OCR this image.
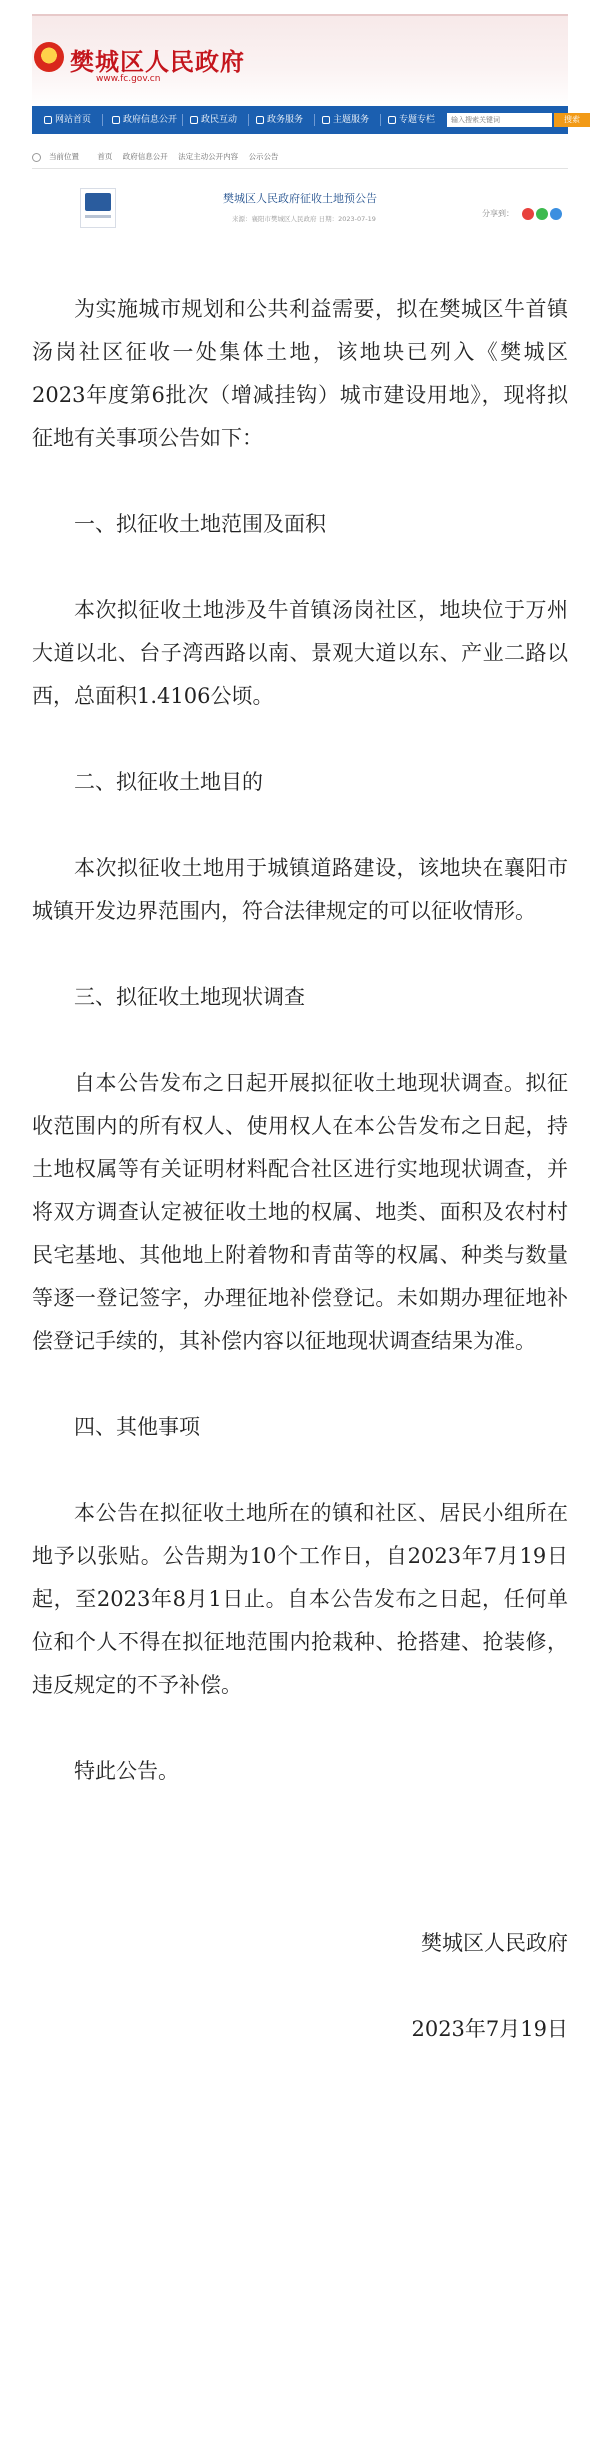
樊城区人民政府
www.fc.gov.cn
网站首页	政府信息公开	政民互动	政务服务	主题服务	专题专栏
输入搜索关键词	搜索
当前位置 首页 政府信息公开 法定主动公开内容 公示公告
樊城区人民政府征收土地预公告
来源：襄阳市樊城区人民政府 日期：2023-07-19
分享到：

为实施城市规划和公共利益需要，拟在樊城区牛首镇汤岗社区征收一处集体土地，该地块已列入《樊城区2023年度第6批次（增减挂钩）城市建设用地》，现将拟征地有关事项公告如下：

一、拟征收土地范围及面积

本次拟征收土地涉及牛首镇汤岗社区，地块位于万州大道以北、台子湾西路以南、景观大道以东、产业二路以西，总面积1.4106公顷。

二、拟征收土地目的

本次拟征收土地用于城镇道路建设，该地块在襄阳市城镇开发边界范围内，符合法律规定的可以征收情形。

三、拟征收土地现状调查

自本公告发布之日起开展拟征收土地现状调查。拟征收范围内的所有权人、使用权人在本公告发布之日起，持土地权属等有关证明材料配合社区进行实地现状调查，并将双方调查认定被征收土地的权属、地类、面积及农村村民宅基地、其他地上附着物和青苗等的权属、种类与数量等逐一登记签字，办理征地补偿登记。未如期办理征地补偿登记手续的，其补偿内容以征地现状调查结果为准。

四、其他事项

本公告在拟征收土地所在的镇和社区、居民小组所在地予以张贴。公告期为10个工作日，自2023年7月19日起，至2023年8月1日止。自本公告发布之日起，任何单位和个人不得在拟征地范围内抢栽种、抢搭建、抢装修，违反规定的不予补偿。

特此公告。

樊城区人民政府

2023年7月19日
